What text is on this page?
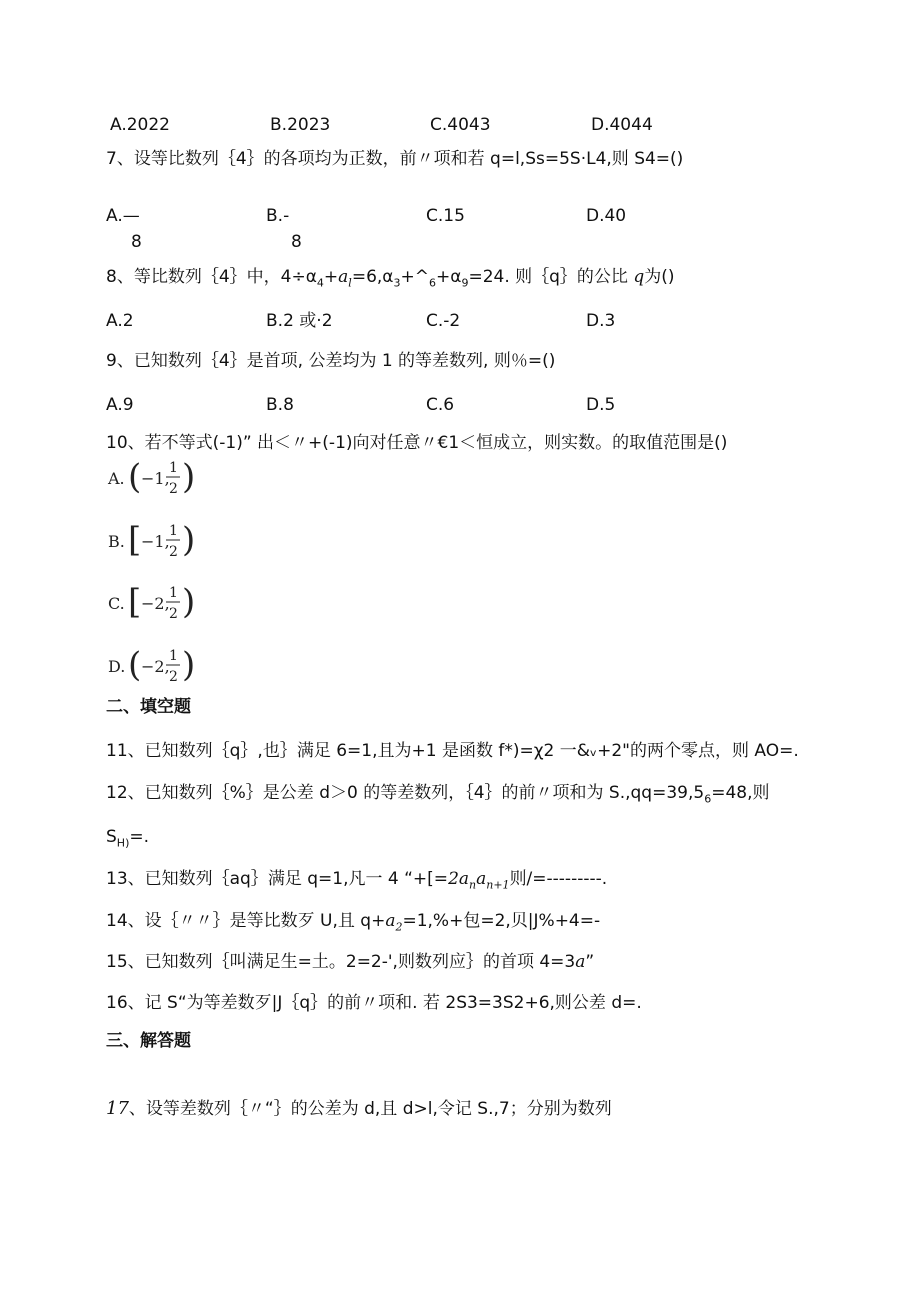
A.2022	B.2023	C.4043	D.4044
7、设等比数列｛4｝的各项均为正数，前〃项和若 q=l,Ss=5S·L4,则 S4=()
A.—
8
B.-
8
C.15	D.40
8、等比数列｛4｝中，$4\div\alpha_4+a_l=6,\alpha_3+\^{}_6+\alpha_9=24$. 则｛q｝的公比 q为()
A.2	B.2 或·2	C.-2	D.3
9、已知数列｛4｝是首项, 公差均为 1 的等差数列, 则％=()
A.9	B.8	C.6	D.5
10、若不等式(-1)” 出＜〃+(-1)向对任意〃€1＜恒成立，则实数。的取值范围是()
A. ( −1,
1
2 )
B. [ −1,
1
2 )
C. [ −2,
1
2 )
D. ( −2,
1
2 )
二、填空题
11、已知数列｛q｝,也｝满足 6=1,且为+1 是函数 f*)=χ2 一&ᵥ+2"的两个零点，则 AO=.
12、已知数列｛%｝是公差 d＞0 的等差数列，｛4｝的前〃项和为 $S.,qq=39,5_6=48$,则
$S_{H)}=$.
13、已知数列｛aq｝满足 q=1,凡一 4 “$+[=2a_na_{n+1}$则/=---------.
14、设｛〃〃｝是等比数歹 U,且 $q+a_2=1,\%+$包=2,贝|J%+4=-
15、已知数列｛叫满足生=土。2=2-',则数列应｝的首项 4=3a”
16、记 S“为等差数歹|J｛q｝的前〃项和. 若 2S3=3S2+6,则公差 d=.
三、解答题
17、设等差数列｛〃“｝的公差为 d,且 d>l,令记 S.,7；分别为数列
